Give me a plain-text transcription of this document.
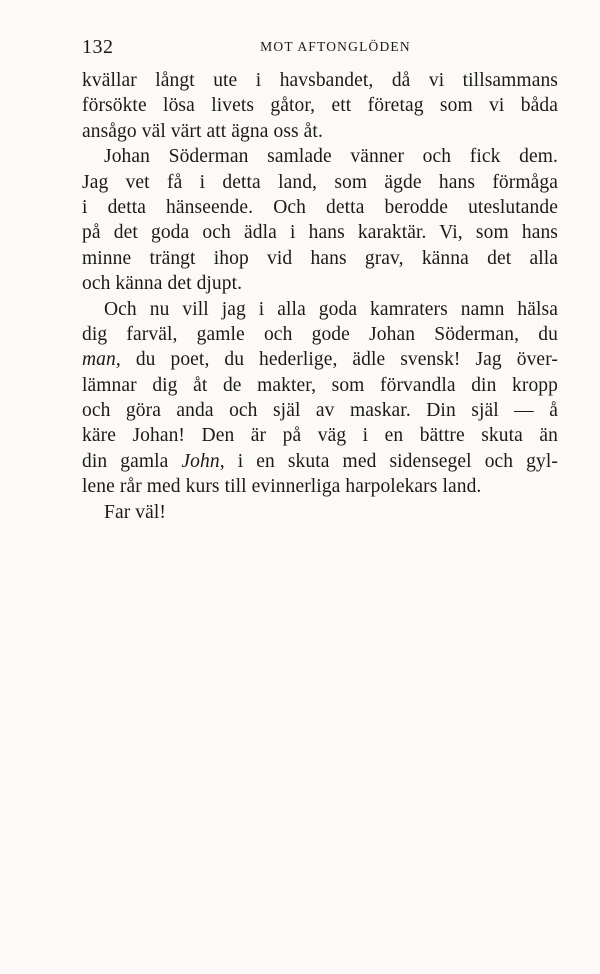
132	MOT AFTONGLÖDEN

kvällar långt ute i havsbandet, då vi tillsammans
försökte lösa livets gåtor, ett företag som vi båda
ansågo väl värt att ägna oss åt.

Johan Söderman samlade vänner och fick dem.
Jag vet få i detta land, som ägde hans förmåga
i detta hänseende. Och detta berodde uteslutande
på det goda och ädla i hans karaktär. Vi, som hans
minne trängt ihop vid hans grav, känna det alla
och känna det djupt.

Och nu vill jag i alla goda kamraters namn hälsa
dig farväl, gamle och gode Johan Söderman, du
man, du poet, du hederlige, ädle svensk! Jag över-
lämnar dig åt de makter, som förvandla din kropp
och göra anda och själ av maskar. Din själ — å
käre Johan! Den är på väg i en bättre skuta än
din gamla John, i en skuta med sidensegel och gyl-
lene rår med kurs till evinnerliga harpolekars land.

Far väl!
